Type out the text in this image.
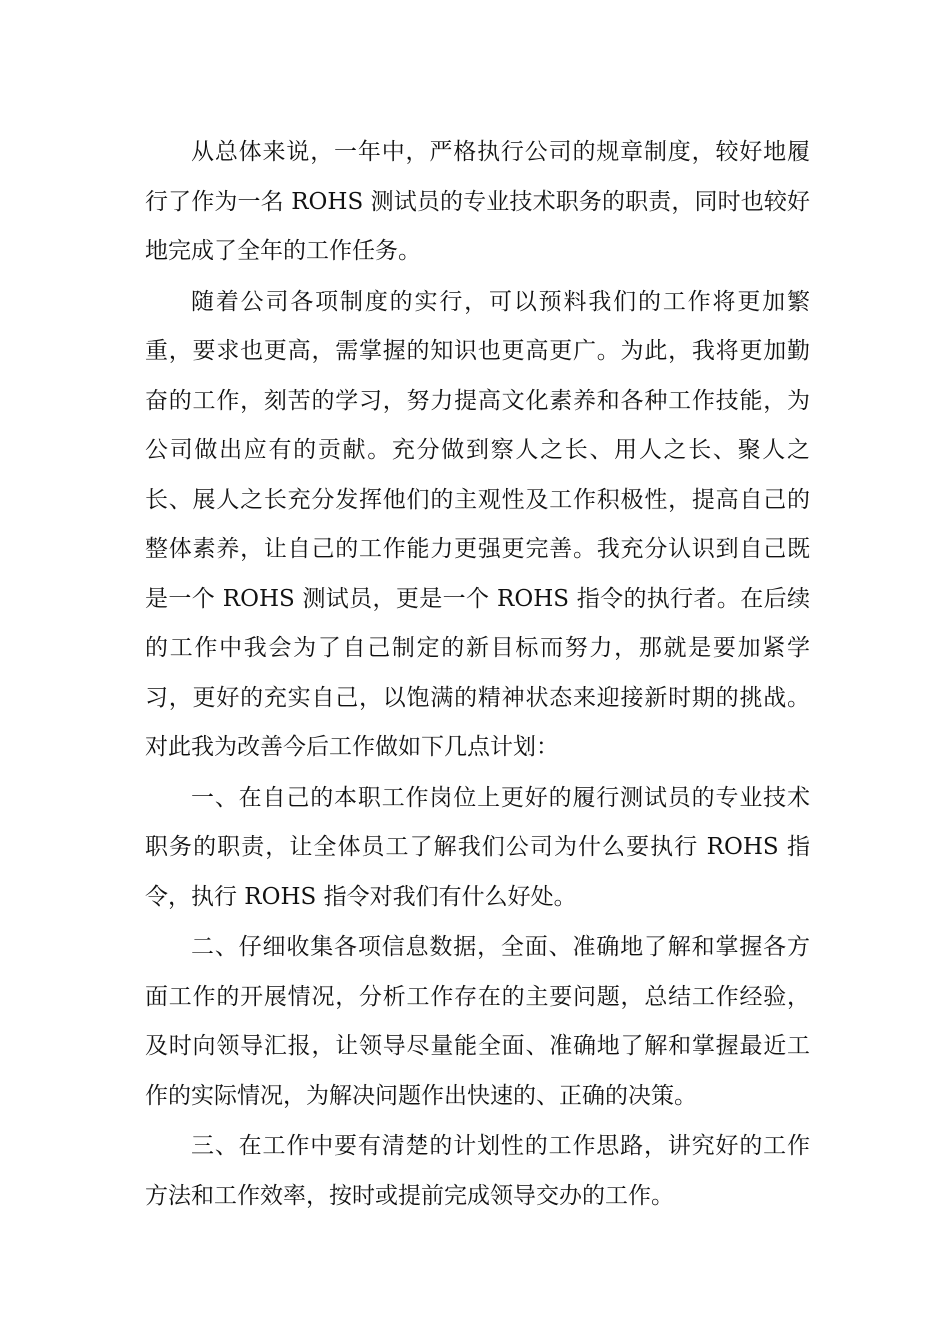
从总体来说，一年中，严格执行公司的规章制度，较好地履行了作为一名 ROHS 测试员的专业技术职务的职责，同时也较好地完成了全年的工作任务。

随着公司各项制度的实行，可以预料我们的工作将更加繁重，要求也更高，需掌握的知识也更高更广。为此，我将更加勤奋的工作，刻苦的学习，努力提高文化素养和各种工作技能，为公司做出应有的贡献。充分做到察人之长、用人之长、聚人之长、展人之长充分发挥他们的主观性及工作积极性，提高自己的整体素养，让自己的工作能力更强更完善。我充分认识到自己既是一个 ROHS 测试员，更是一个 ROHS 指令的执行者。在后续的工作中我会为了自己制定的新目标而努力，那就是要加紧学习，更好的充实自己，以饱满的精神状态来迎接新时期的挑战。对此我为改善今后工作做如下几点计划：

一、在自己的本职工作岗位上更好的履行测试员的专业技术职务的职责，让全体员工了解我们公司为什么要执行 ROHS 指令，执行 ROHS 指令对我们有什么好处。

二、仔细收集各项信息数据，全面、准确地了解和掌握各方面工作的开展情况，分析工作存在的主要问题，总结工作经验，及时向领导汇报，让领导尽量能全面、准确地了解和掌握最近工作的实际情况，为解决问题作出快速的、正确的决策。

三、在工作中要有清楚的计划性的工作思路，讲究好的工作方法和工作效率，按时或提前完成领导交办的工作。
